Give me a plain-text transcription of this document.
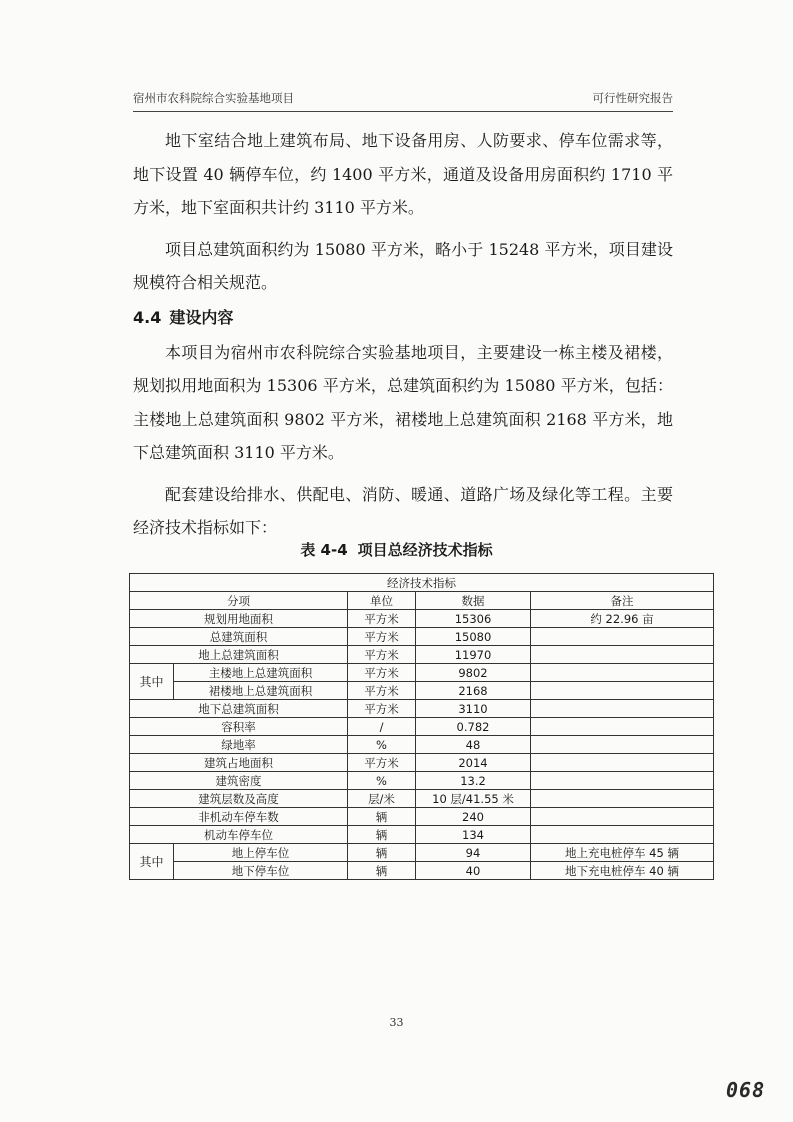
宿州市农科院综合实验基地项目	可行性研究报告

地下室结合地上建筑布局、地下设备用房、人防要求、停车位需求等，地下设置 40 辆停车位，约 1400 平方米，通道及设备用房面积约 1710 平方米，地下室面积共计约 3110 平方米。

项目总建筑面积约为 15080 平方米，略小于 15248 平方米，项目建设规模符合相关规范。

4.4 建设内容

本项目为宿州市农科院综合实验基地项目，主要建设一栋主楼及裙楼，规划拟用地面积为 15306 平方米，总建筑面积约为 15080 平方米，包括：主楼地上总建筑面积 9802 平方米，裙楼地上总建筑面积 2168 平方米，地下总建筑面积 3110 平方米。

配套建设给排水、供配电、消防、暖通、道路广场及绿化等工程。主要经济技术指标如下：

表 4-4 项目总经济技术指标
经济技术指标				
分项		单位	数据	备注
规划用地面积		平方米	15306	约 22.96 亩
总建筑面积		平方米	15080	
地上总建筑面积		平方米	11970	
其中	主楼地上总建筑面积	平方米	9802	
	裙楼地上总建筑面积	平方米	2168	
地下总建筑面积		平方米	3110	
容积率		/	0.782	
绿地率		%	48	
建筑占地面积		平方米	2014	
建筑密度		%	13.2	
建筑层数及高度		层/米	10 层/41.55 米	
非机动车停车数		辆	240	
机动车停车位		辆	134	
其中	地上停车位	辆	94	地上充电桩停车 45 辆
	地下停车位	辆	40	地下充电桩停车 40 辆
33
068
